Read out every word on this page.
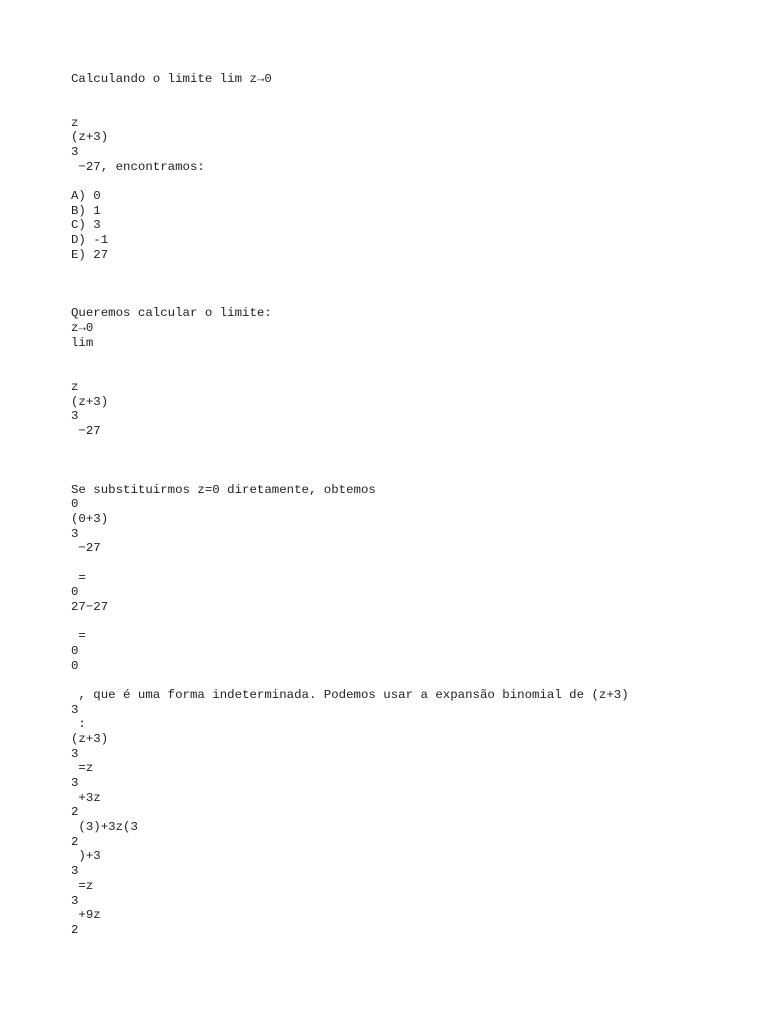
Calculando o limite lim z→0
z
(z+3)
3
−27, encontramos:
A) 0
B) 1
C) 3
D) -1
E) 27
Queremos calcular o limite:
z→0
lim
z
(z+3)
3
−27
Se substituirmos z=0 diretamente, obtemos
0
(0+3)
3
−27
=
0
27−27
=
0
0
, que é uma forma indeterminada. Podemos usar a expansão binomial de (z+3)
3
:
(z+3)
3
=z
3
+3z
2
(3)+3z(3
2
)+3
3
=z
3
+9z
2
